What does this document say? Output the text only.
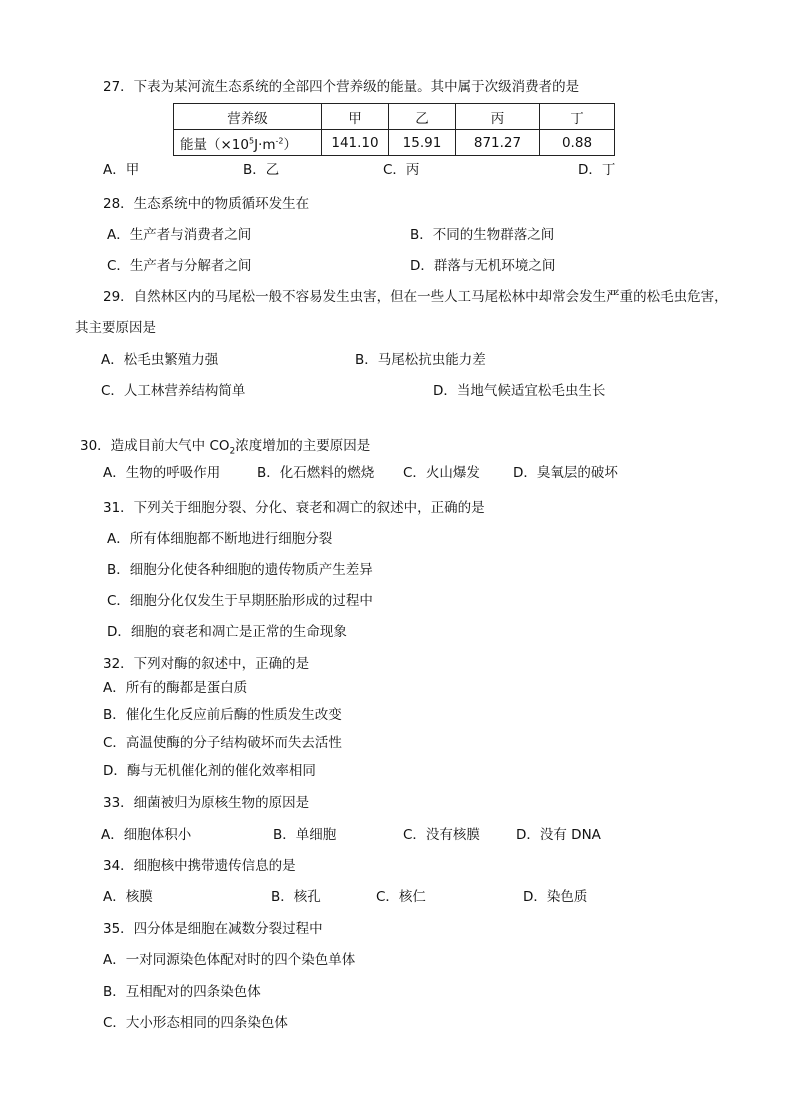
27．下表为某河流生态系统的全部四个营养级的能量。其中属于次级消费者的是
营养级	甲	乙	丙	丁
能量$(\times 10^5J\cdot m^{-2})$	141.10	15.91	871.27	0.88
A．甲	B．乙	C．丙	D．丁
28．生态系统中的物质循环发生在
A．生产者与消费者之间	B．不同的生物群落之间
C．生产者与分解者之间	D．群落与无机环境之间
29．自然林区内的马尾松一般不容易发生虫害，但在一些人工马尾松林中却常会发生严重的松毛虫危害，
其主要原因是
A．松毛虫繁殖力强	B．马尾松抗虫能力差
C．人工林营养结构简单	D．当地气候适宜松毛虫生长
30．造成目前大气中 $CO_2$浓度增加的主要原因是
A．生物的呼吸作用	B．化石燃料的燃烧 C．火山爆发 D．臭氧层的破坏
31．下列关于细胞分裂、分化、衰老和凋亡的叙述中，正确的是
A．所有体细胞都不断地进行细胞分裂
B．细胞分化使各种细胞的遗传物质产生差异
C．细胞分化仅发生于早期胚胎形成的过程中
D．细胞的衰老和凋亡是正常的生命现象
32．下列对酶的叙述中，正确的是
A．所有的酶都是蛋白质
B．催化生化反应前后酶的性质发生改变
C．高温使酶的分子结构破坏而失去活性
D．酶与无机催化剂的催化效率相同
33．细菌被归为原核生物的原因是
A．细胞体积小	B．单细胞	C．没有核膜	D．没有 DNA
34．细胞核中携带遗传信息的是
A．核膜	B．核孔	C．核仁	D．染色质
35．四分体是细胞在减数分裂过程中
A．一对同源染色体配对时的四个染色单体
B．互相配对的四条染色体
C．大小形态相同的四条染色体
